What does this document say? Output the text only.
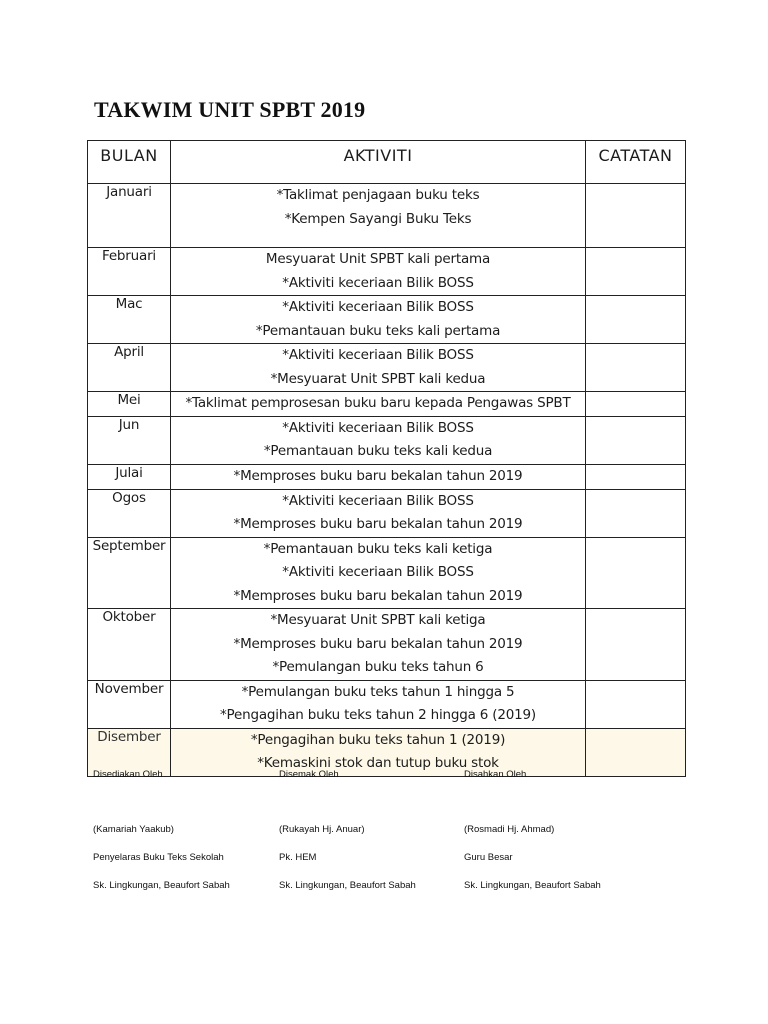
TAKWIM UNIT SPBT 2019
BULAN	AKTIVITI	CATATAN
Januari	*Taklimat penjagaan buku teks
*Kempen Sayangi Buku Teks	

Februari	Mesyuarat Unit SPBT kali pertama
*Aktiviti keceriaan Bilik BOSS	

Mac	*Aktiviti keceriaan Bilik BOSS
*Pemantauan buku teks kali pertama	

April	*Aktiviti keceriaan Bilik BOSS
*Mesyuarat Unit SPBT kali kedua	

Mei	*Taklimat pemprosesan buku baru kepada Pengawas SPBT	

Jun	*Aktiviti keceriaan Bilik BOSS
*Pemantauan buku teks kali kedua	

Julai	*Memproses buku baru bekalan tahun 2019	

Ogos	*Aktiviti keceriaan Bilik BOSS
*Memproses buku baru bekalan tahun 2019	

September	*Pemantauan buku teks kali ketiga
*Aktiviti keceriaan Bilik BOSS
*Memproses buku baru bekalan tahun 2019	

Oktober	*Mesyuarat Unit SPBT kali ketiga
*Memproses buku baru bekalan tahun 2019
*Pemulangan buku teks tahun 6	

November	*Pemulangan buku teks tahun 1 hingga 5
*Pengagihan buku teks tahun 2 hingga 6 (2019)	

Disember	*Pengagihan buku teks tahun 1 (2019)
*Kemaskini stok dan tutup buku stok	

Disediakan Oleh
(Kamariah Yaakub)
Penyelaras Buku Teks Sekolah
Sk. Lingkungan, Beaufort Sabah
Disemak Oleh
(Rukayah Hj. Anuar)
Pk. HEM
Sk. Lingkungan, Beaufort Sabah
Disahkan Oleh
(Rosmadi Hj. Ahmad)
Guru Besar
Sk. Lingkungan, Beaufort Sabah
